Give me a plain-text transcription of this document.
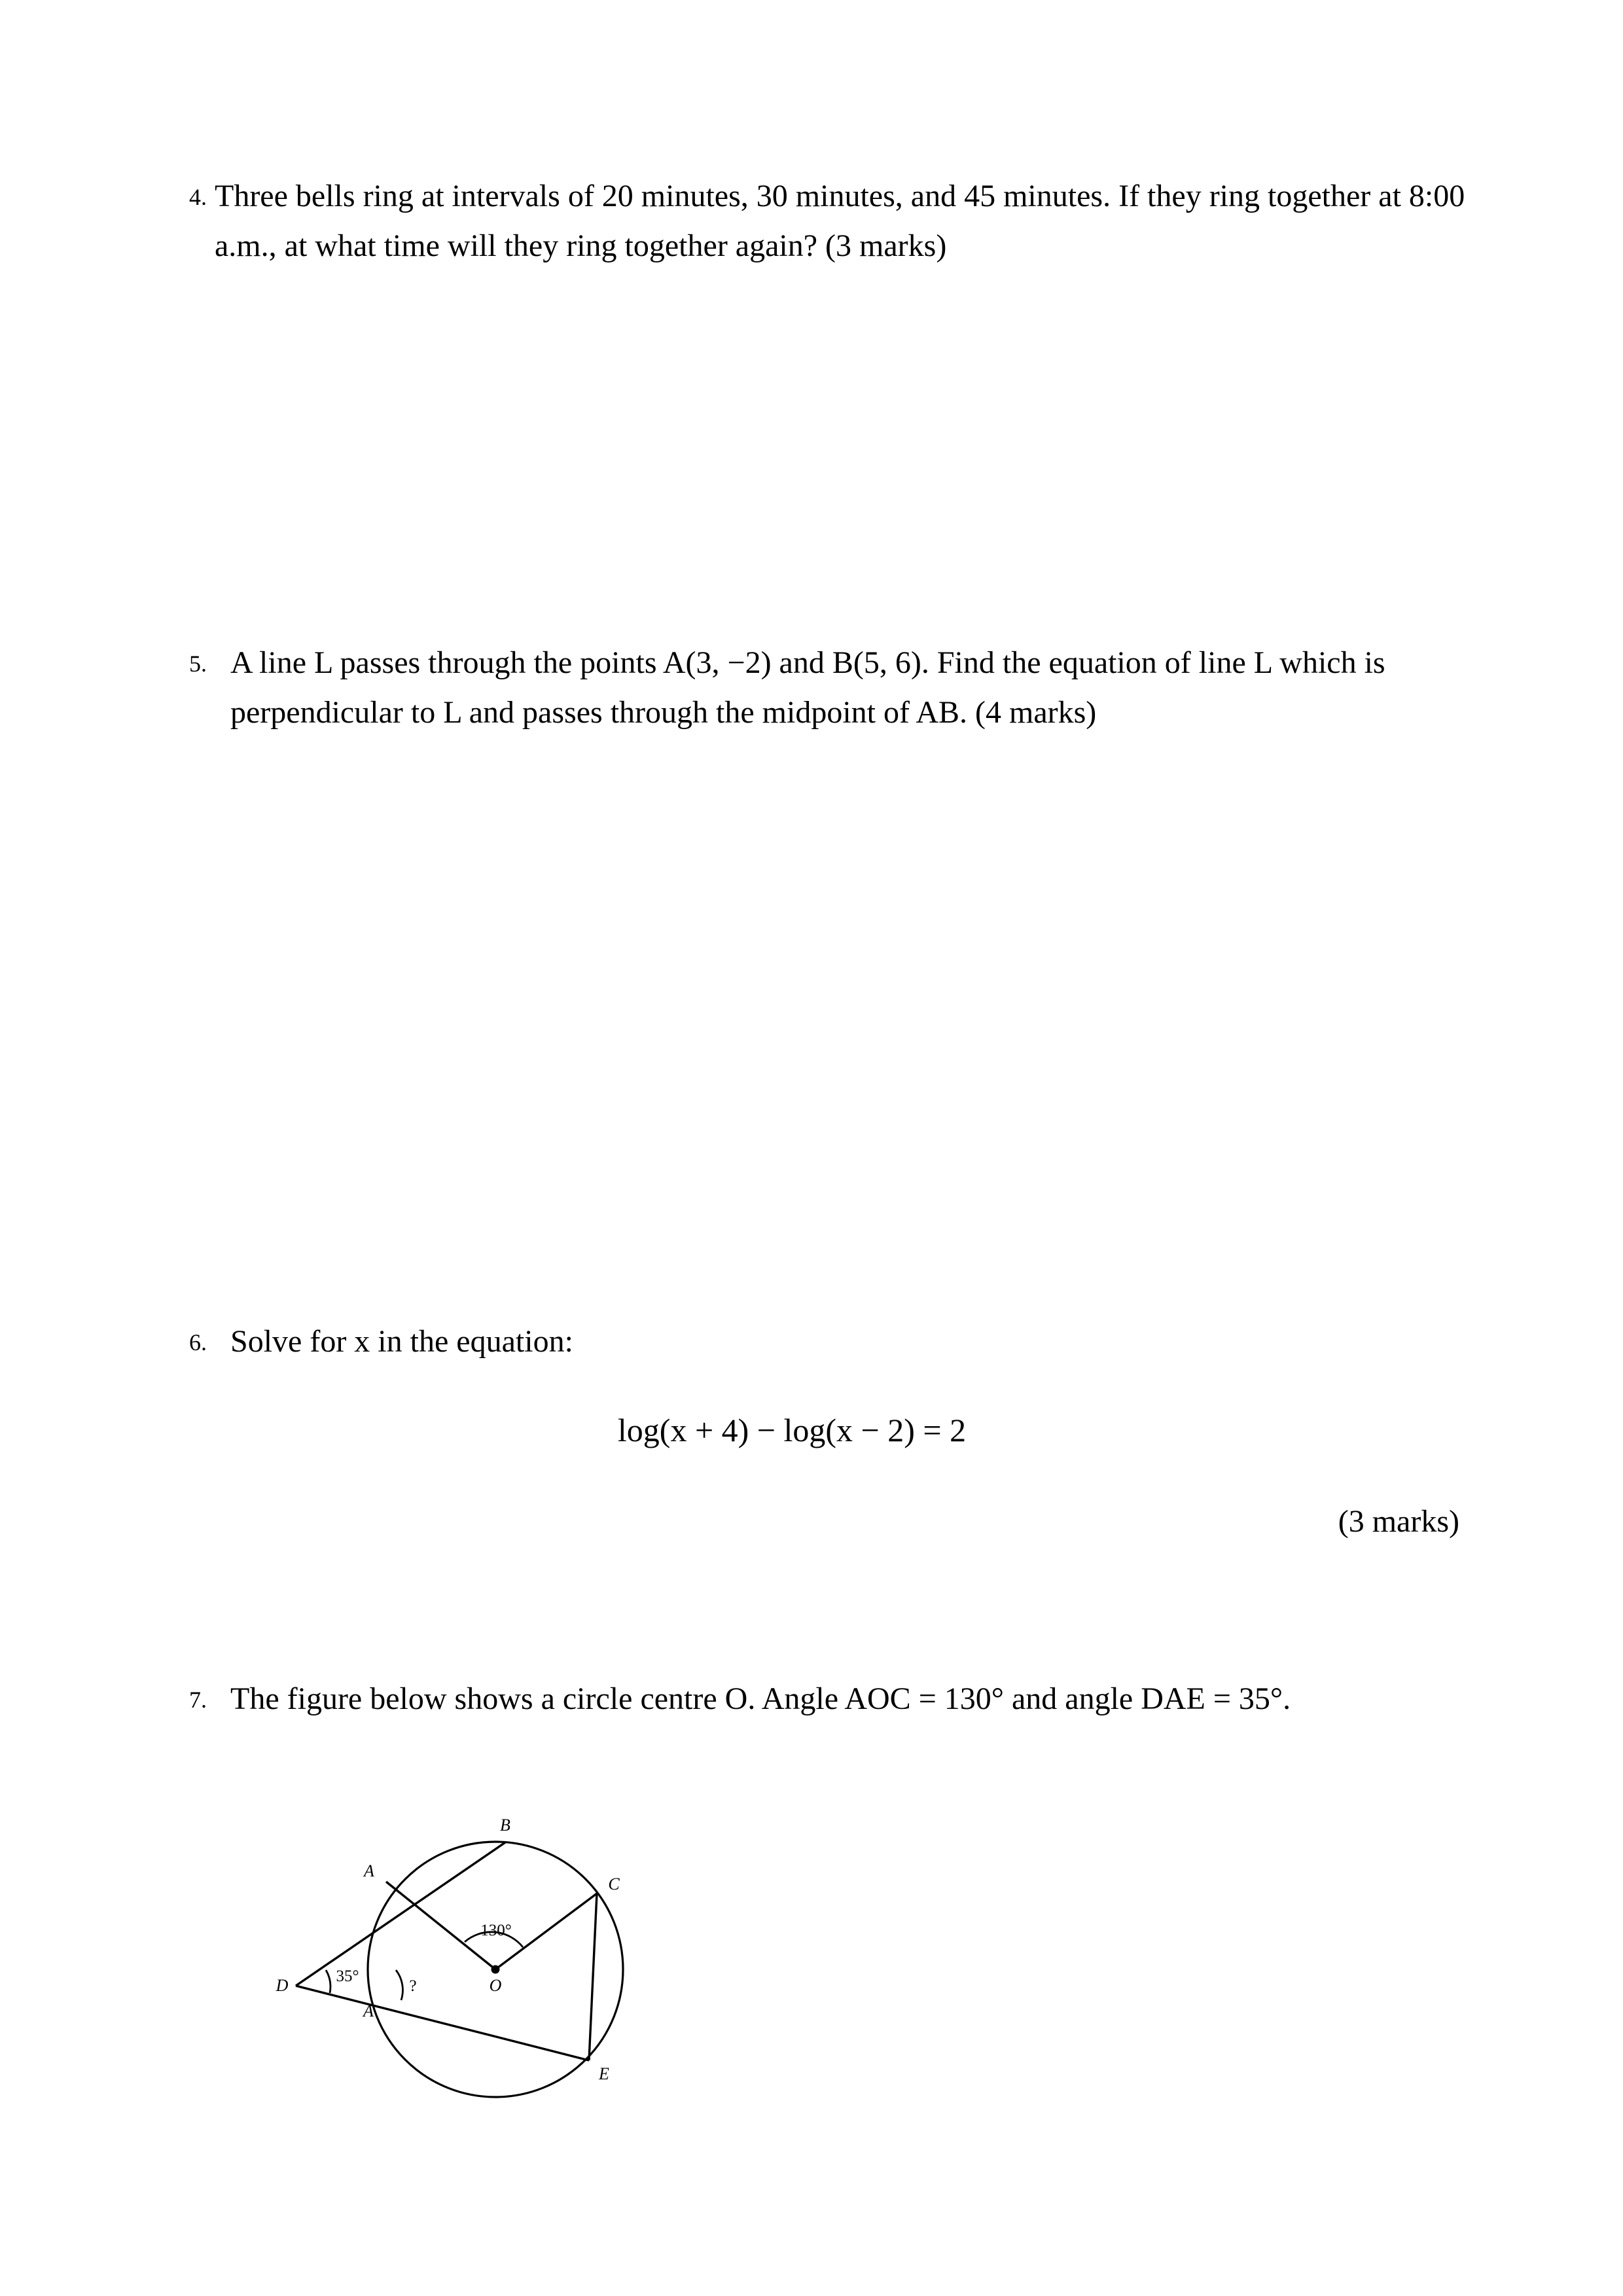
4. Three bells ring at intervals of 20 minutes, 30 minutes, and 45 minutes. If they ring together at 8:00 a.m., at what time will they ring together again? (3 marks)
5. A line L passes through the points A(3, −2) and B(5, 6). Find the equation of line L which is perpendicular to L and passes through the midpoint of AB. (4 marks)
6. Solve for x in the equation:
log(x + 4) − log(x − 2) = 2
(3 marks)
7. The figure below shows a circle centre O. Angle AOC = 130° and angle DAE = 35°.
B
C
A
A
D
E
O
130°
35°
?
